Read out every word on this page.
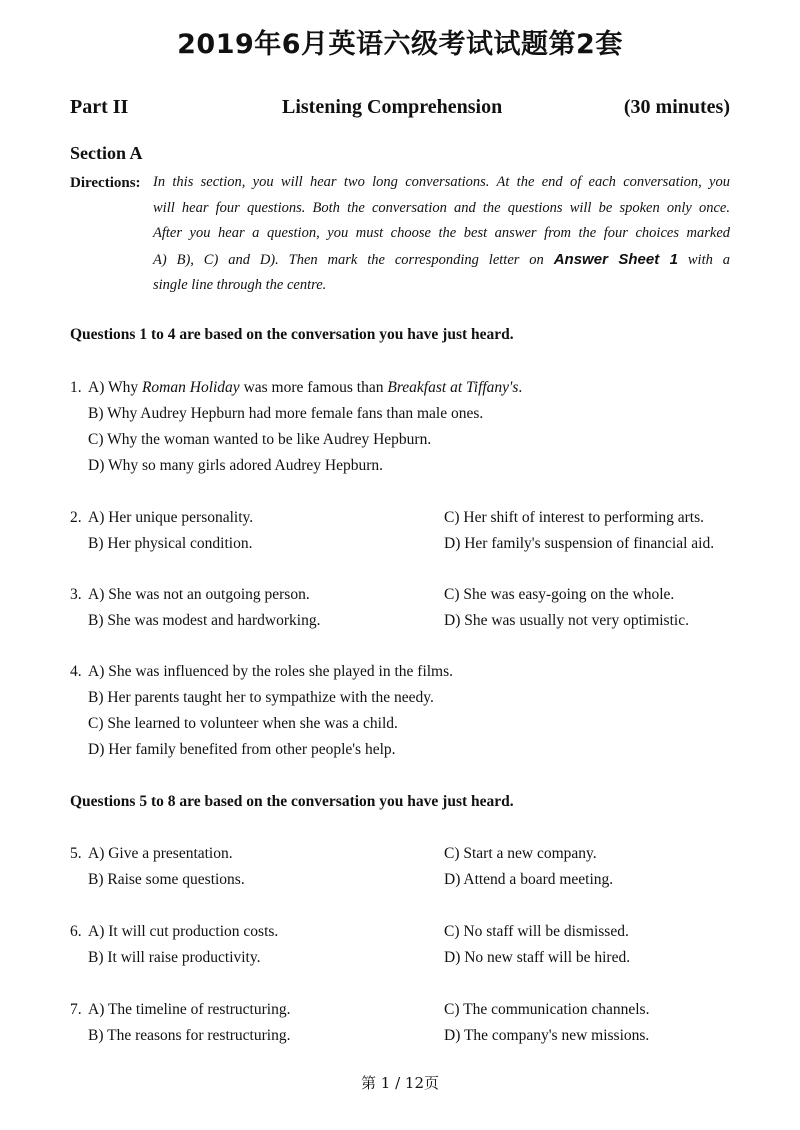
2019年6月英语六级考试试题第2套
Part II	Listening Comprehension	(30 minutes)
Section A
Directions: In this section, you will hear two long conversations. At the end of each conversation, you
will hear four questions. Both the conversation and the questions will be spoken only once.
After you hear a question, you must choose the best answer from the four choices marked
A) B), C) and D). Then mark the corresponding letter on Answer Sheet 1 with a
single line through the centre.
Questions 1 to 4 are based on the conversation you have just heard.
1. A) Why Roman Holiday was more famous than Breakfast at Tiffany's.
B) Why Audrey Hepburn had more female fans than male ones.
C) Why the woman wanted to be like Audrey Hepburn.
D) Why so many girls adored Audrey Hepburn.
2. A) Her unique personality.	C) Her shift of interest to performing arts.
B) Her physical condition.	D) Her family's suspension of financial aid.
3. A) She was not an outgoing person.	C) She was easy-going on the whole.
B) She was modest and hardworking.	D) She was usually not very optimistic.
4. A) She was influenced by the roles she played in the films.
B) Her parents taught her to sympathize with the needy.
C) She learned to volunteer when she was a child.
D) Her family benefited from other people's help.
Questions 5 to 8 are based on the conversation you have just heard.
5. A) Give a presentation.	C) Start a new company.
B) Raise some questions.	D) Attend a board meeting.
6. A) It will cut production costs.	C) No staff will be dismissed.
B) It will raise productivity.	D) No new staff will be hired.
7. A) The timeline of restructuring.	C) The communication channels.
B) The reasons for restructuring.	D) The company's new missions.
第 1 / 12页
